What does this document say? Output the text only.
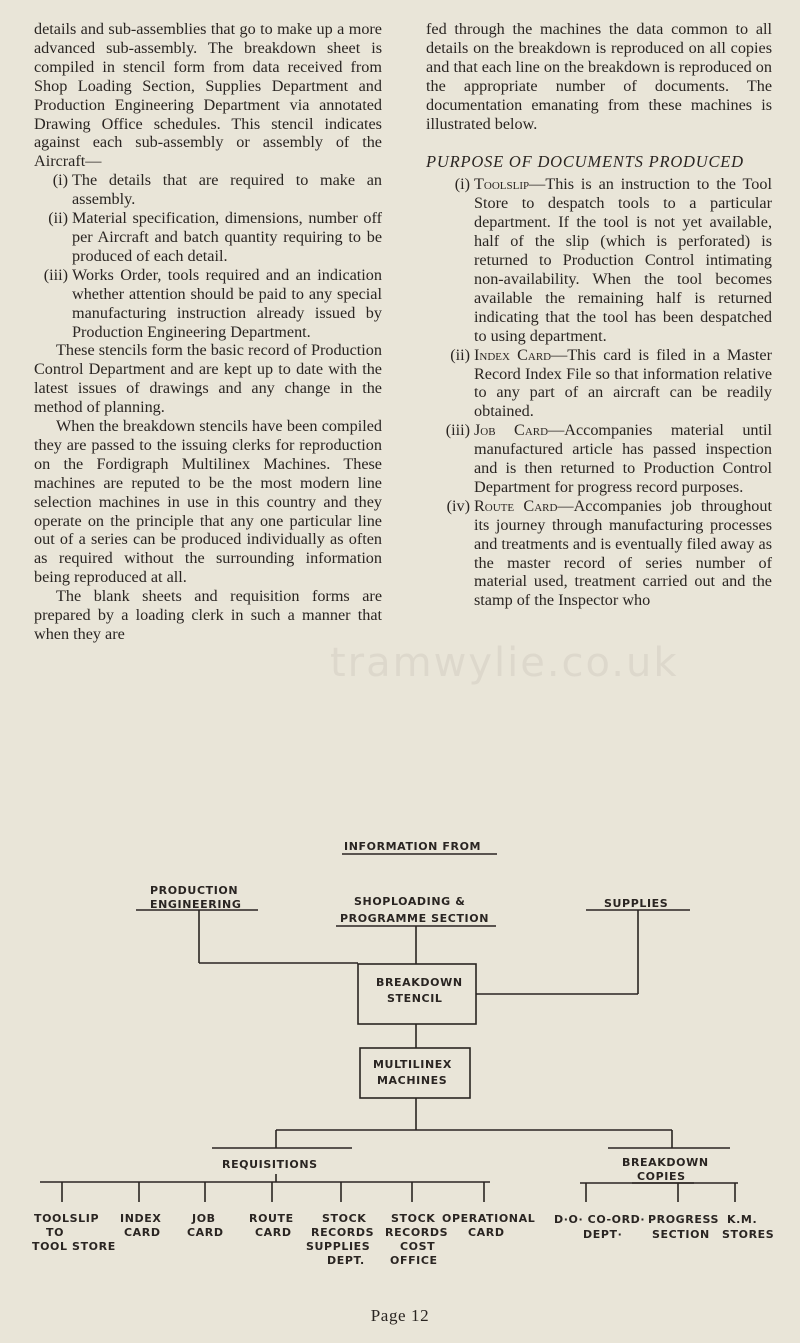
tramwylie.co.uk

details and sub-assemblies that go to make up a more advanced sub-assembly. The breakdown sheet is compiled in stencil form from data received from Shop Loading Section, Supplies Department and Production Engineering Department via annotated Drawing Office schedules. This stencil indicates against each sub-assembly or assembly of the Aircraft—

(i) The details that are required to make an assembly.
(ii) Material specification, dimensions, number off per Aircraft and batch quantity requiring to be produced of each detail.
(iii) Works Order, tools required and an indication whether attention should be paid to any special manufacturing instruction already issued by Production Engineering Department.

These stencils form the basic record of Production Control Department and are kept up to date with the latest issues of drawings and any change in the method of planning.

When the breakdown stencils have been compiled they are passed to the issuing clerks for reproduction on the Fordigraph Multilinex Machines. These machines are reputed to be the most modern line selection machines in use in this country and they operate on the principle that any one particular line out of a series can be produced individually as often as required without the surrounding information being reproduced at all.

The blank sheets and requisition forms are prepared by a loading clerk in such a manner that when they are

fed through the machines the data common to all details on the breakdown is reproduced on all copies and that each line on the breakdown is reproduced on the appropriate number of documents. The documentation emanating from these machines is illustrated below.

PURPOSE OF DOCUMENTS PRODUCED
(i) Toolslip—This is an instruction to the Tool Store to despatch tools to a particular department. If the tool is not yet available, half of the slip (which is perforated) is returned to Production Control intimating non-availability. When the tool becomes available the remaining half is returned indicating that the tool has been despatched to using department.
(ii) Index Card—This card is filed in a Master Record Index File so that information relative to any part of an aircraft can be readily obtained.
(iii) Job Card—Accompanies material until manufactured article has passed inspection and is then returned to Production Control Department for progress record purposes.
(iv) Route Card—Accompanies job throughout its journey through manufacturing processes and treatments and is eventually filed away as the master record of series number of material used, treatment carried out and the stamp of the Inspector who
INFORMATION FROM
PRODUCTION
ENGINEERING	SHOPLOADING &
PROGRAMME SECTION
SUPPLIES
BREAKDOWN
STENCIL
MULTILINEX
MACHINES
REQUISITIONS	BREAKDOWN
COPIES
TOOLSLIP
TO
TOOL STORE
INDEX
CARD
JOB
CARD
ROUTE
CARD
STOCK
RECORDS
SUPPLIES
DEPT.
STOCK
RECORDS
COST
OFFICE
OPERATIONAL
CARD
D·O· CO-ORD·
DEPT·
PROGRESS
SECTION
K.M.
STORES
Page 12
